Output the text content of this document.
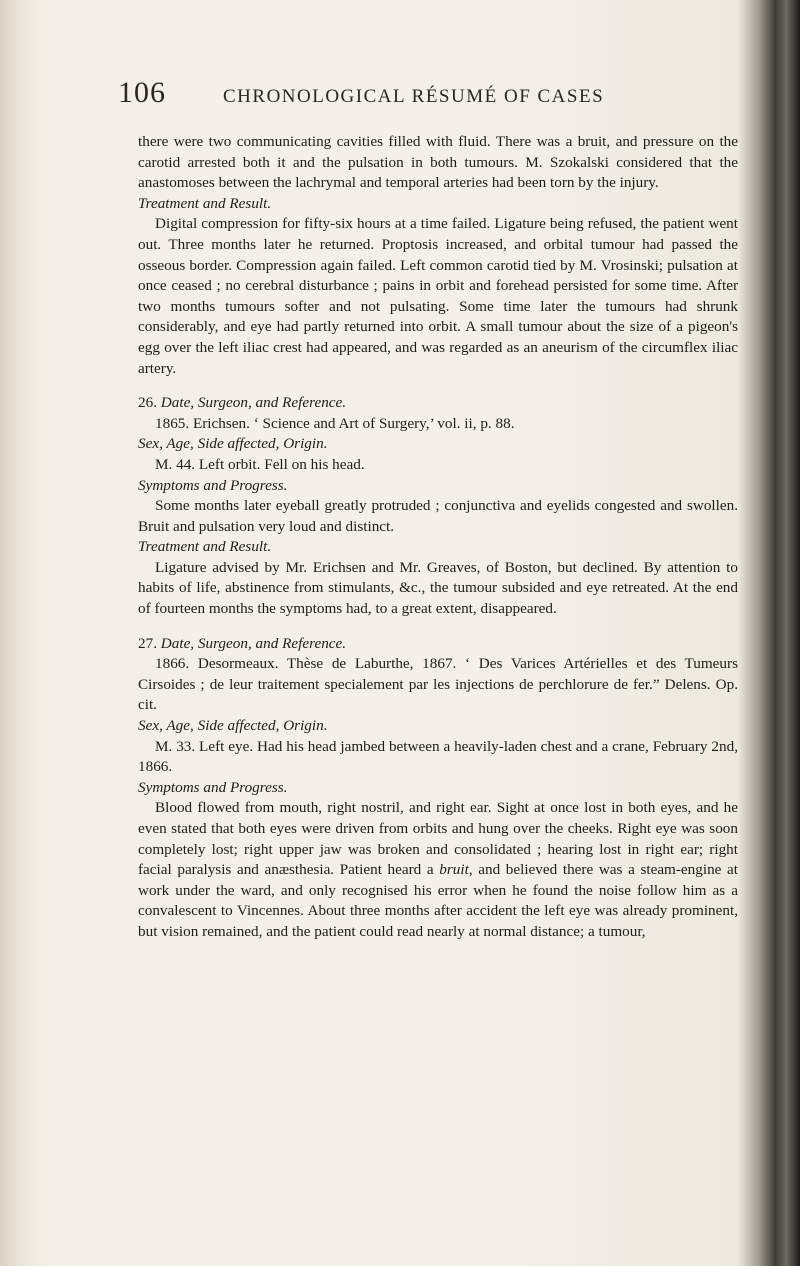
106	CHRONOLOGICAL RÉSUMÉ OF CASES

there were two communicating cavities filled with fluid. There was a bruit, and pressure on the carotid arrested both it and the pulsation in both tumours. M. Szokalski considered that the anastomoses between the lachrymal and temporal arteries had been torn by the injury.

Treatment and Result.

Digital compression for fifty-six hours at a time failed. Ligature being refused, the patient went out. Three months later he returned. Proptosis increased, and orbital tumour had passed the osseous border. Compression again failed. Left common carotid tied by M. Vrosinski; pulsation at once ceased ; no cerebral disturbance ; pains in orbit and forehead persisted for some time. After two months tumours softer and not pulsating. Some time later the tumours had shrunk considerably, and eye had partly returned into orbit. A small tumour about the size of a pigeon's egg over the left iliac crest had appeared, and was regarded as an aneurism of the circumflex iliac artery.

26. Date, Surgeon, and Reference.

1865. Erichsen. ‘ Science and Art of Surgery,’ vol. ii, p. 88.

Sex, Age, Side affected, Origin.

M. 44. Left orbit. Fell on his head.

Symptoms and Progress.

Some months later eyeball greatly protruded ; conjunctiva and eyelids congested and swollen. Bruit and pulsation very loud and distinct.

Treatment and Result.

Ligature advised by Mr. Erichsen and Mr. Greaves, of Boston, but declined. By attention to habits of life, abstinence from stimulants, &c., the tumour subsided and eye retreated. At the end of fourteen months the symptoms had, to a great extent, disappeared.

27. Date, Surgeon, and Reference.

1866. Desormeaux. Thèse de Laburthe, 1867. ‘ Des Varices Artérielles et des Tumeurs Cirsoides ; de leur traitement specialement par les injections de perchlorure de fer.” Delens. Op. cit.

Sex, Age, Side affected, Origin.

M. 33. Left eye. Had his head jambed between a heavily-laden chest and a crane, February 2nd, 1866.

Symptoms and Progress.

Blood flowed from mouth, right nostril, and right ear. Sight at once lost in both eyes, and he even stated that both eyes were driven from orbits and hung over the cheeks. Right eye was soon completely lost; right upper jaw was broken and consolidated ; hearing lost in right ear; right facial paralysis and anæsthesia. Patient heard a bruit, and believed there was a steam-engine at work under the ward, and only recognised his error when he found the noise follow him as a convalescent to Vincennes. About three months after accident the left eye was already prominent, but vision remained, and the patient could read nearly at normal distance; a tumour,
